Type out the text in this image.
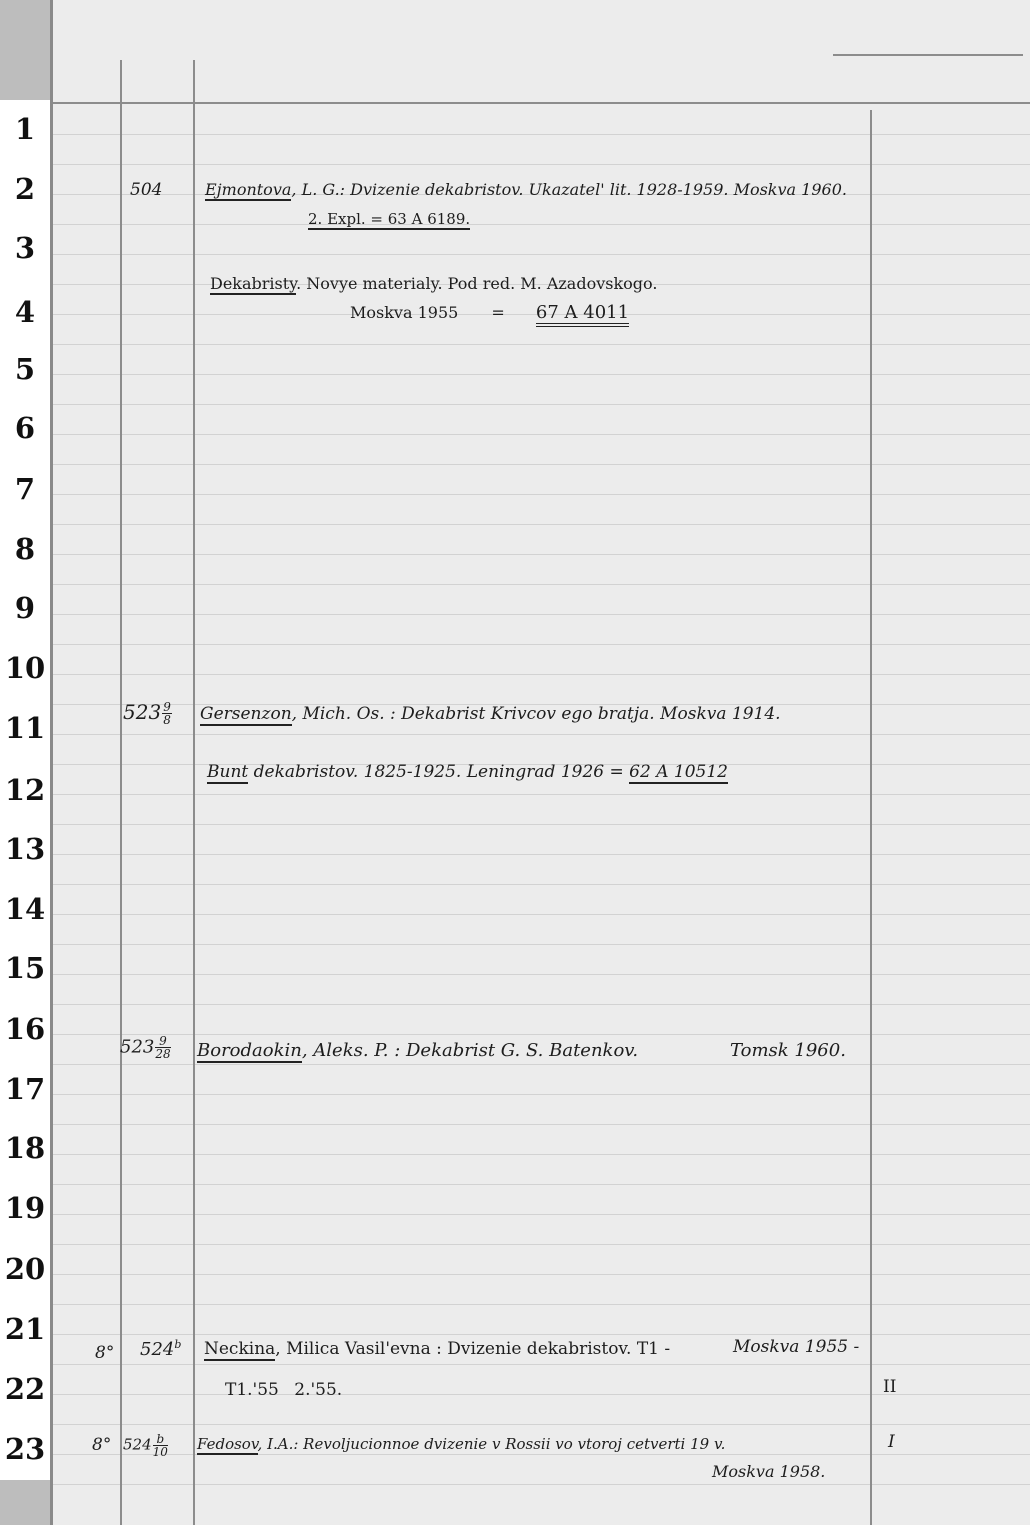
1
2
3
4
5
6
7
8
9
10
11
12
13
14
15
16
17
18
19
20
21
22
23
504	Ejmontova, L. G.: Dvizenie dekabristov. Ukazatel' lit. 1928-1959. Moskva 1960.
2. Expl. = 63 A 6189.
Dekabristy. Novye materialy. Pod red. M. Azadovskogo.
Moskva 1955 = 67 A 4011
$523 \frac{9}{8}$ Gersenzon, Mich. Os. : Dekabrist Krivcov ego bratja. Moskva 1914.
Bunt dekabristov. 1825-1925. Leningrad 1926 = 62 A 10512
$523 \frac{9}{28}$ Borodaokin, Aleks. P. : Dekabrist G. S. Batenkov.	Tomsk 1960.
8° 524$^b$ Neckina, Milica Vasil'evna : Dvizenie dekabristov. T1 -	Moskva 1955 -
T1.'55 2.'55.	II
8° $524 \frac{b}{10}$ Fedosov, I.A.: Revoljucionnoe dvizenie v Rossii vo vtoroj cetverti 19 v.
Moskva 1958.
I
